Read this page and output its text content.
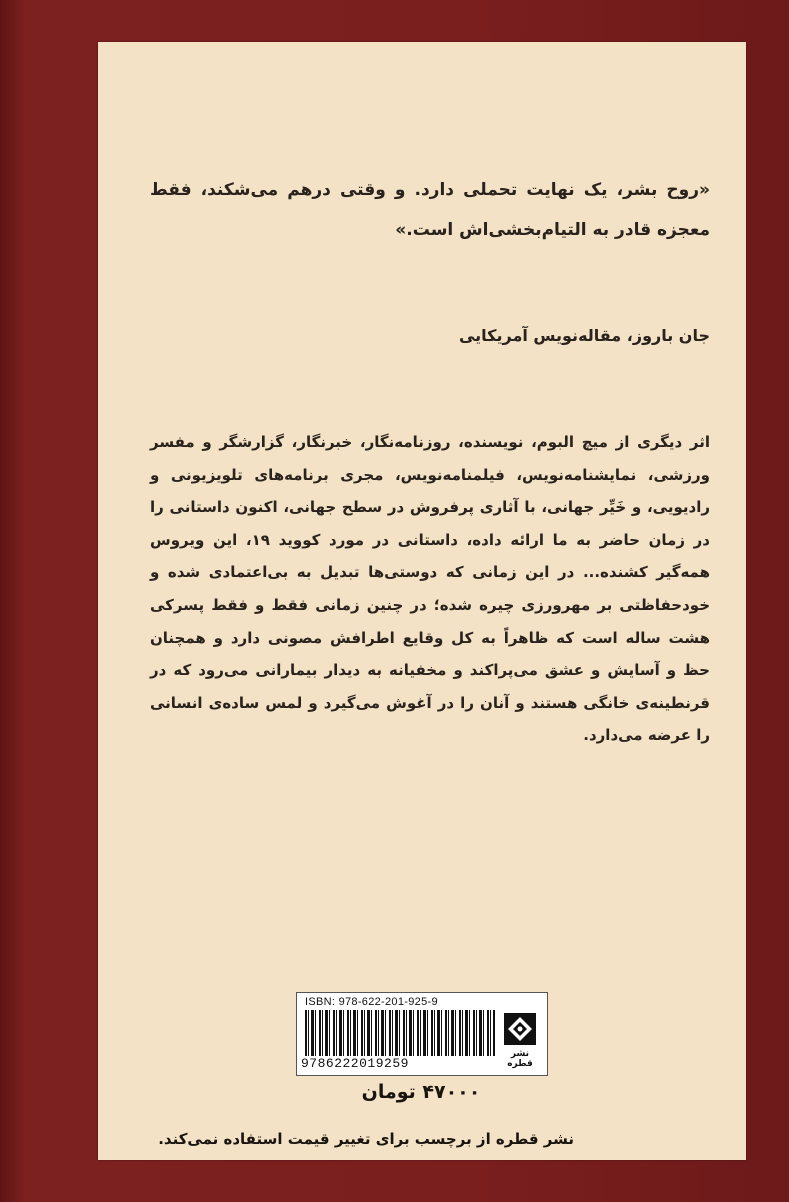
«روح بشر، یک نهایت تحملی دارد. و وقتی درهم می‌شکند، فقط معجزه قادر به التیام‌بخشی‌اش است.»
جان باروز، مقاله‌نویس آمریکایی
اثر دیگری از میچ البوم، نویسنده، روزنامه‌نگار، خبرنگار، گزارشگر و مفسر ورزشی، نمایشنامه‌نویس، فیلمنامه‌نویس، مجری برنامه‌های تلویزیونی و رادیویی، و خَیِّر جهانی، با آثاری پرفروش در سطح جهانی، اکنون داستانی را در زمان حاضر به ما ارائه داده، داستانی در مورد کووید ۱۹، این ویروس همه‌گیر کشنده... در این زمانی که دوستی‌ها تبدیل به بی‌اعتمادی شده و خودحفاظتی بر مهرورزی چیره شده؛ در چنین زمانی فقط و فقط پسرکی هشت ساله است که ظاهراً به کل وقایع اطرافش مصونی دارد و همچنان حظ و آسایش و عشق می‌پراکند و مخفیانه به دیدار بیمارانی می‌رود که در قرنطینه‌ی خانگی هستند و آنان را در آغوش می‌گیرد و لمس ساده‌ی انسانی را عرضه می‌دارد.
ISBN: 978-622-201-925-9
9786222019259
نشر قطره
۴۷۰۰۰ تومان
نشر قطره از برچسب برای تغییر قیمت استفاده نمی‌کند.
